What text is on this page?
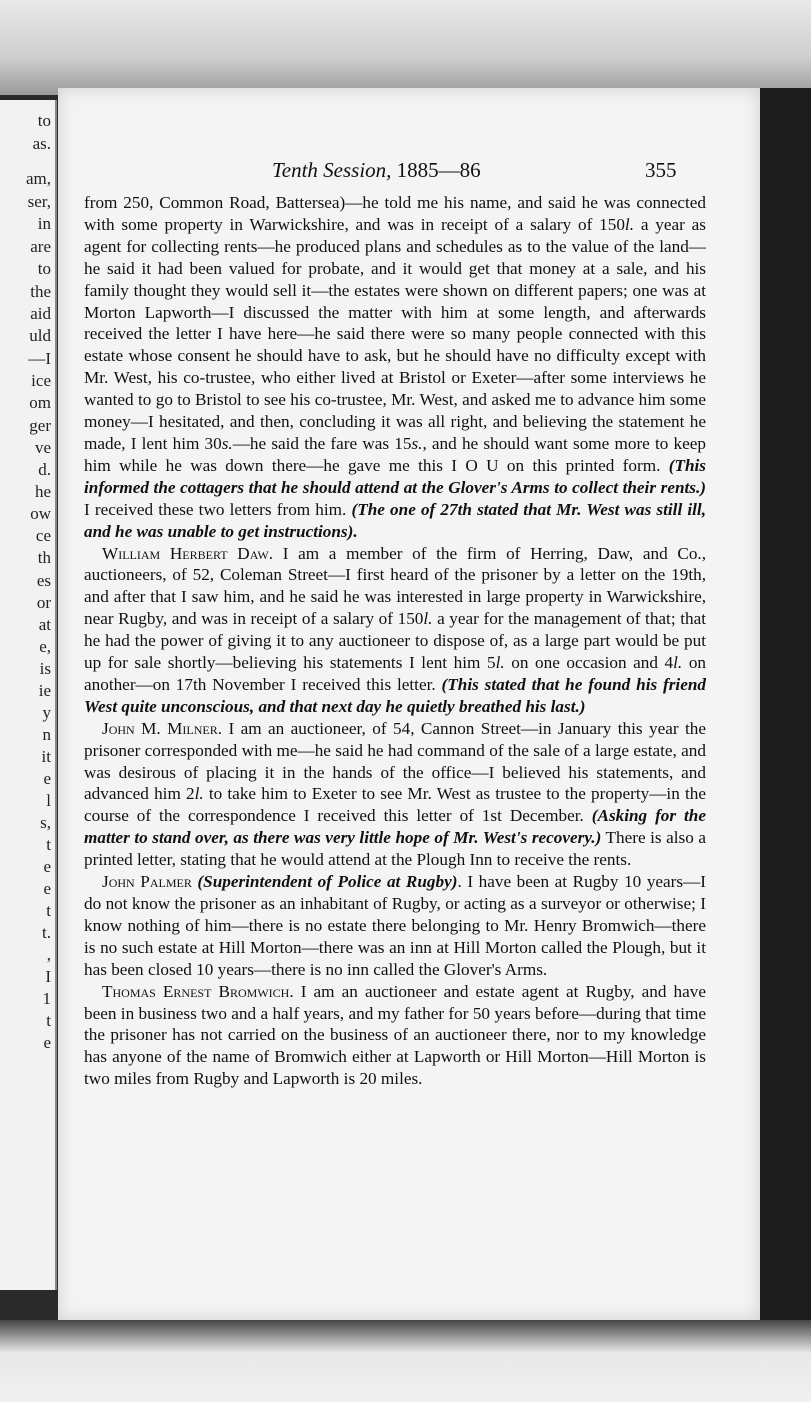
to
as.
am,
ser,
in
are
to
the
aid
uld
—I
ice
om
ger
ve
d.
he
ow
ce
th
es
or
at
e,
is
ie
y
n
it
e
l
s,
t
e
e
t
t.
,
I
1
t
e
Tenth Session, 1885—86	355

from 250, Common Road, Battersea)—he told me his name, and said he was connected with some property in Warwickshire, and was in receipt of a salary of 150l. a year as agent for collecting rents—he produced plans and schedules as to the value of the land—he said it had been valued for probate, and it would get that money at a sale, and his family thought they would sell it—the estates were shown on different papers; one was at Morton Lapworth—I discussed the matter with him at some length, and afterwards received the letter I have here—he said there were so many people connected with this estate whose consent he should have to ask, but he should have no difficulty except with Mr. West, his co-trustee, who either lived at Bristol or Exeter—after some interviews he wanted to go to Bristol to see his co-trustee, Mr. West, and asked me to advance him some money—I hesitated, and then, concluding it was all right, and believing the statement he made, I lent him 30s.—he said the fare was 15s., and he should want some more to keep him while he was down there—he gave me this I O U on this printed form. (This informed the cottagers that he should attend at the Glover's Arms to collect their rents.) I received these two letters from him. (The one of 27th stated that Mr. West was still ill, and he was unable to get instructions).

William Herbert Daw. I am a member of the firm of Herring, Daw, and Co., auctioneers, of 52, Coleman Street—I first heard of the prisoner by a letter on the 19th, and after that I saw him, and he said he was interested in large property in Warwickshire, near Rugby, and was in receipt of a salary of 150l. a year for the management of that; that he had the power of giving it to any auctioneer to dispose of, as a large part would be put up for sale shortly—believing his statements I lent him 5l. on one occasion and 4l. on another—on 17th November I received this letter. (This stated that he found his friend West quite unconscious, and that next day he quietly breathed his last.)

John M. Milner. I am an auctioneer, of 54, Cannon Street—in January this year the prisoner corresponded with me—he said he had command of the sale of a large estate, and was desirous of placing it in the hands of the office—I believed his statements, and advanced him 2l. to take him to Exeter to see Mr. West as trustee to the property—in the course of the correspondence I received this letter of 1st December. (Asking for the matter to stand over, as there was very little hope of Mr. West's recovery.) There is also a printed letter, stating that he would attend at the Plough Inn to receive the rents.

John Palmer (Superintendent of Police at Rugby). I have been at Rugby 10 years—I do not know the prisoner as an inhabitant of Rugby, or acting as a surveyor or otherwise; I know nothing of him—there is no estate there belonging to Mr. Henry Bromwich—there is no such estate at Hill Morton—there was an inn at Hill Morton called the Plough, but it has been closed 10 years—there is no inn called the Glover's Arms.

Thomas Ernest Bromwich. I am an auctioneer and estate agent at Rugby, and have been in business two and a half years, and my father for 50 years before—during that time the prisoner has not carried on the business of an auctioneer there, nor to my knowledge has anyone of the name of Bromwich either at Lapworth or Hill Morton—Hill Morton is two miles from Rugby and Lapworth is 20 miles.
